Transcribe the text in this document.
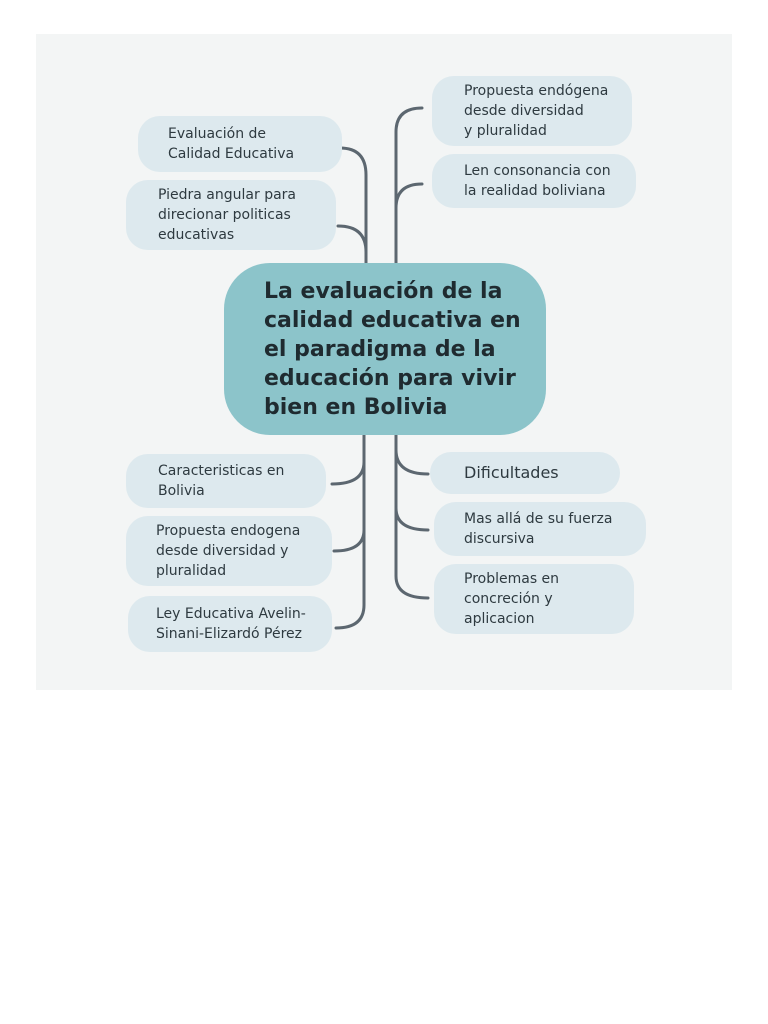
La evaluación de la
calidad educativa en
el paradigma de la
educación para vivir
bien en Bolivia
Evaluación de
Calidad Educativa
Piedra angular para
direcionar politicas
educativas
Propuesta endógena
desde diversidad
y pluralidad
Len consonancia con
la realidad boliviana
Caracteristicas en
Bolivia
Propuesta endogena
desde diversidad y
pluralidad
Ley Educativa Avelin-
Sinani-Elizardó Pérez
Dificultades
Mas allá de su fuerza
discursiva
Problemas en
concreción y
aplicacion
